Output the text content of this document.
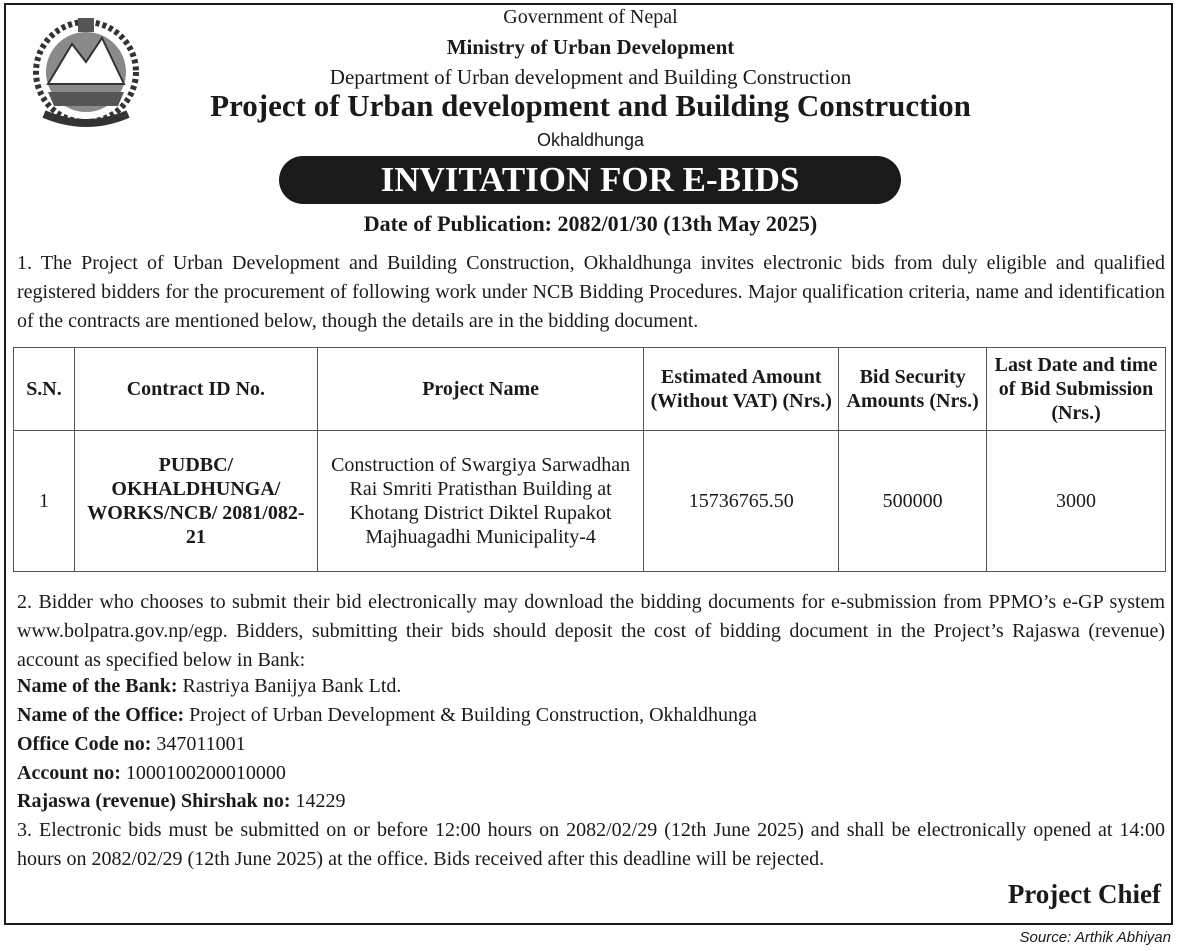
Government of Nepal
Ministry of Urban Development
Department of Urban development and Building Construction
Project of Urban development and Building Construction
Okhaldhunga
INVITATION FOR E-BIDS
Date of Publication: 2082/01/30 (13th May 2025)
1. The Project of Urban Development and Building Construction, Okhaldhunga invites electronic bids from duly eligible and qualified registered bidders for the procurement of following work under NCB Bidding Procedures. Major qualification criteria, name and identification of the contracts are mentioned below, though the details are in the bidding document.
S.N.	Contract ID No.	Project Name	Estimated Amount (Without VAT) (Nrs.)	Bid Security Amounts (Nrs.)	Last Date and time of Bid Submission (Nrs.)
1	PUDBC/ OKHALDHUNGA/ WORKS/NCB/ 2081/082-21	Construction of Swargiya Sarwadhan Rai Smriti Pratisthan Building at Khotang District Diktel Rupakot Majhuagadhi Municipality-4	15736765.50	500000	3000
2. Bidder who chooses to submit their bid electronically may download the bidding documents for e-submission from PPMO’s e-GP system www.bolpatra.gov.np/egp. Bidders, submitting their bids should deposit the cost of bidding document in the Project’s Rajaswa (revenue) account as specified below in Bank:
Name of the Bank: Rastriya Banijya Bank Ltd.
Name of the Office: Project of Urban Development & Building Construction, Okhaldhunga
Office Code no: 347011001
Account no: 1000100200010000
Rajaswa (revenue) Shirshak no: 14229
3. Electronic bids must be submitted on or before 12:00 hours on 2082/02/29 (12th June 2025) and shall be electronically opened at 14:00 hours on 2082/02/29 (12th June 2025) at the office. Bids received after this deadline will be rejected.
Project Chief
Source: Arthik Abhiyan
